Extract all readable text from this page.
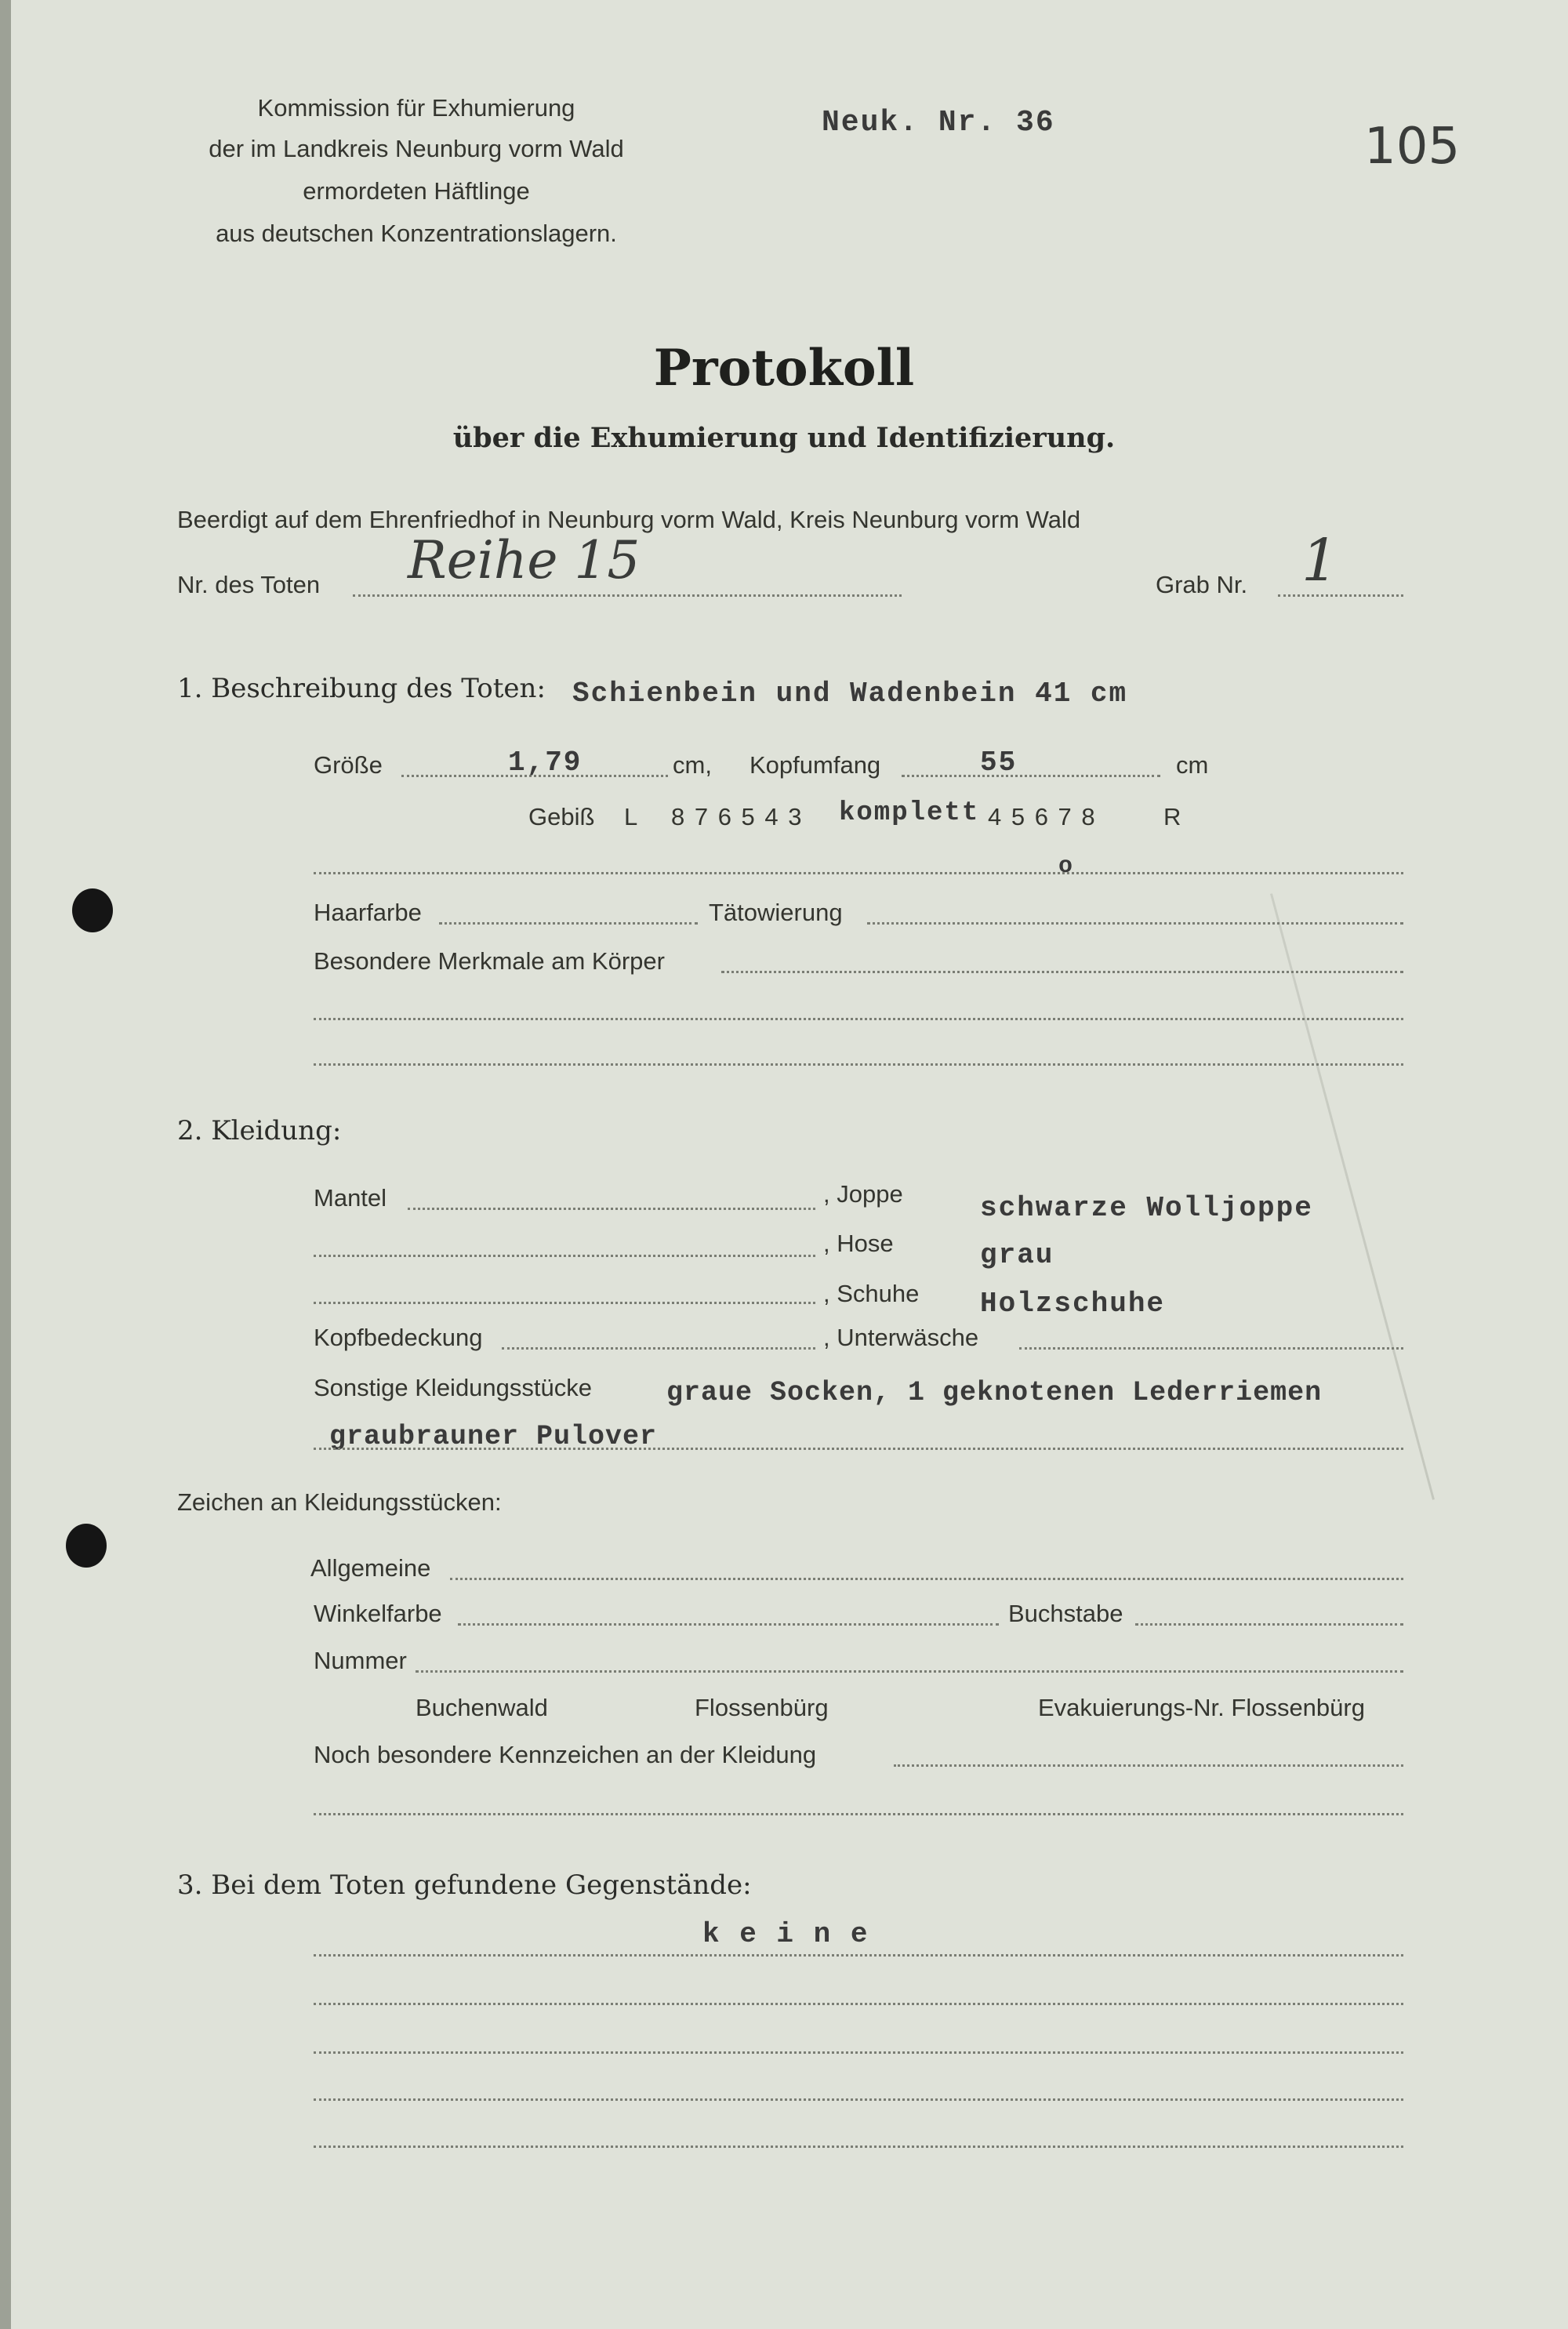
Kommission für Exhumierung
der im Landkreis Neunburg vorm Wald
ermordeten Häftlinge
aus deutschen Konzentrationslagern.
Neuk. Nr. 36	105
Protokoll
über die Exhumierung und Identifizierung.
Beerdigt auf dem Ehrenfriedhof in Neunburg vorm Wald, Kreis Neunburg vorm Wald
Nr. des Toten Reihe 15	Grab Nr. 1
1. Beschreibung des Toten: Schienbein und Wadenbein 41 cm
Größe	1,79	cm, Kopfumfang	55	cm
Gebiß L 8 7 6 5 4 3 komplett 4 5 6 7 8	R
o
Haarfarbe	Tätowierung
Besondere Merkmale am Körper
2. Kleidung:
Mantel	, Joppe	schwarze Wolljoppe
, Hose	grau
, Schuhe Holzschuhe
Kopfbedeckung	, Unterwäsche
Sonstige Kleidungsstücke	graue Socken, 1 geknotenen Lederriemen
graubrauner Pulover
Zeichen an Kleidungsstücken:
Allgemeine
Winkelfarbe	Buchstabe
Nummer
Buchenwald	Flossenbürg	Evakuierungs-Nr. Flossenbürg
Noch besondere Kennzeichen an der Kleidung
3. Bei dem Toten gefundene Gegenstände:
k e i n e
